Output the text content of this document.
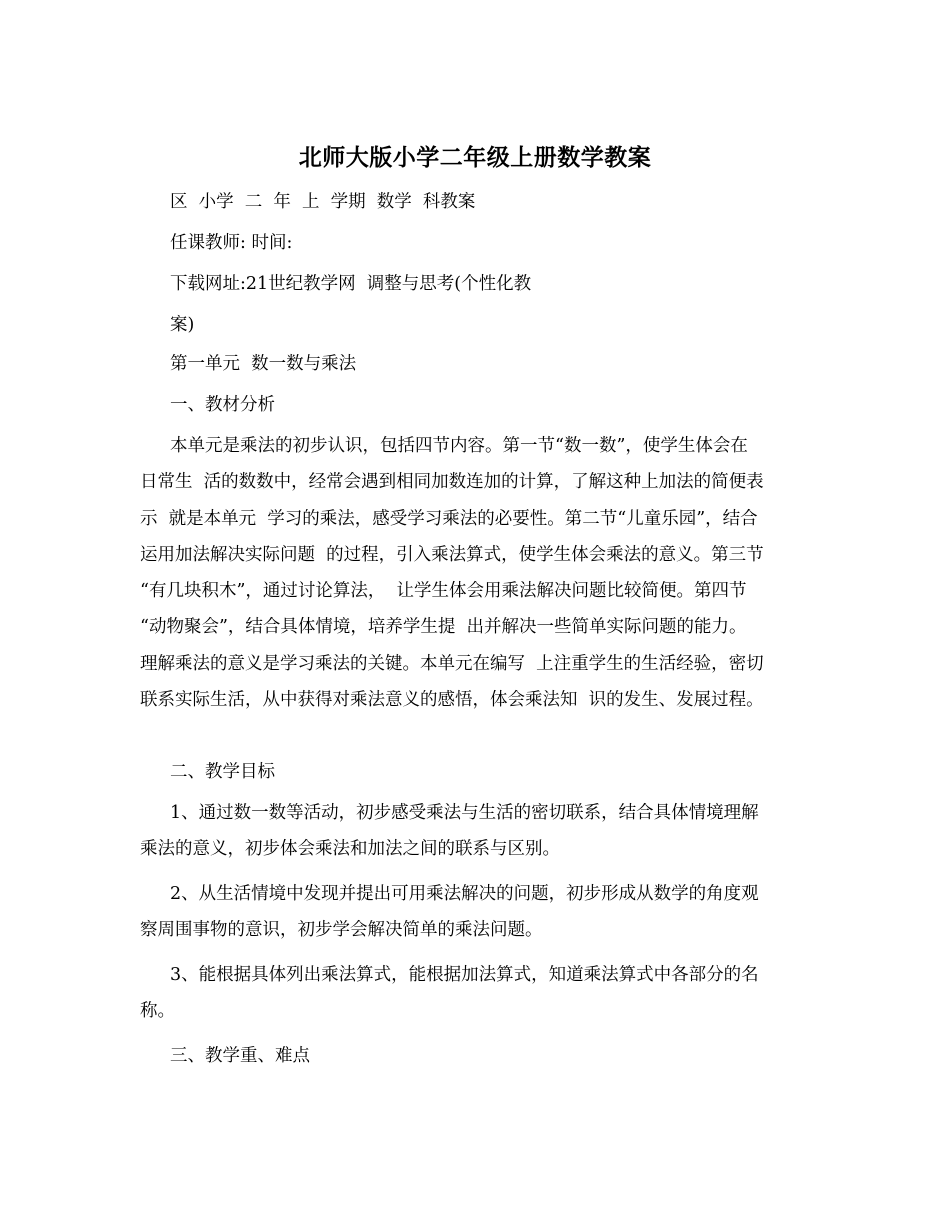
北师大版小学二年级上册数学教案
区  小学  二  年  上  学期  数学  科教案
任课教师: 时间:
下载网址:21世纪教学网  调整与思考(个性化教
案)
第一单元  数一数与乘法
一、教材分析
本单元是乘法的初步认识，包括四节内容。第一节“数一数”，使学生体会在
日常生  活的数数中，经常会遇到相同加数连加的计算，了解这种上加法的简便表
示  就是本单元  学习的乘法，感受学习乘法的必要性。第二节“儿童乐园”，结合
运用加法解决实际问题  的过程，引入乘法算式，使学生体会乘法的意义。第三节
“有几块积木”，通过讨论算法，  让学生体会用乘法解决问题比较简便。第四节
“动物聚会”，结合具体情境，培养学生提  出并解决一些简单实际问题的能力。
理解乘法的意义是学习乘法的关键。本单元在编写  上注重学生的生活经验，密切
联系实际生活，从中获得对乘法意义的感悟，体会乘法知  识的发生、发展过程。
二、教学目标
1、通过数一数等活动，初步感受乘法与生活的密切联系，结合具体情境理解
乘法的意义，初步体会乘法和加法之间的联系与区别。
2、从生活情境中发现并提出可用乘法解决的问题，初步形成从数学的角度观
察周围事物的意识，初步学会解决简单的乘法问题。
3、能根据具体列出乘法算式，能根据加法算式，知道乘法算式中各部分的名
称。
三、教学重、难点
